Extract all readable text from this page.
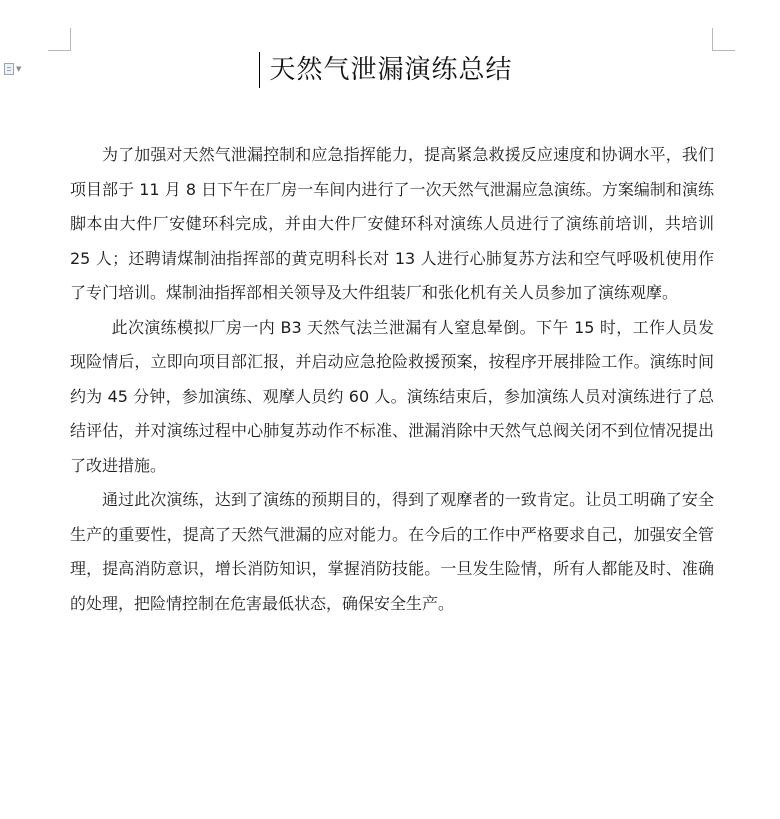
▼	天然气泄漏演练总结

为了加强对天然气泄漏控制和应急指挥能力，提高紧急救援反应速度和协调水平，我们项目部于 11 月 8 日下午在厂房一车间内进行了一次天然气泄漏应急演练。方案编制和演练脚本由大件厂安健环科完成，并由大件厂安健环科对演练人员进行了演练前培训，共培训 25 人；还聘请煤制油指挥部的黄克明科长对 13 人进行心肺复苏方法和空气呼吸机使用作了专门培训。煤制油指挥部相关领导及大件组装厂和张化机有关人员参加了演练观摩。

此次演练模拟厂房一内 B3 天然气法兰泄漏有人窒息晕倒。下午 15 时，工作人员发现险情后，立即向项目部汇报，并启动应急抢险救援预案，按程序开展排险工作。演练时间约为 45 分钟，参加演练、观摩人员约 60 人。演练结束后，参加演练人员对演练进行了总结评估，并对演练过程中心肺复苏动作不标准、泄漏消除中天然气总阀关闭不到位情况提出了改进措施。

通过此次演练，达到了演练的预期目的，得到了观摩者的一致肯定。让员工明确了安全生产的重要性，提高了天然气泄漏的应对能力。在今后的工作中严格要求自己，加强安全管理，提高消防意识，增长消防知识，掌握消防技能。一旦发生险情，所有人都能及时、准确的处理，把险情控制在危害最低状态，确保安全生产。
